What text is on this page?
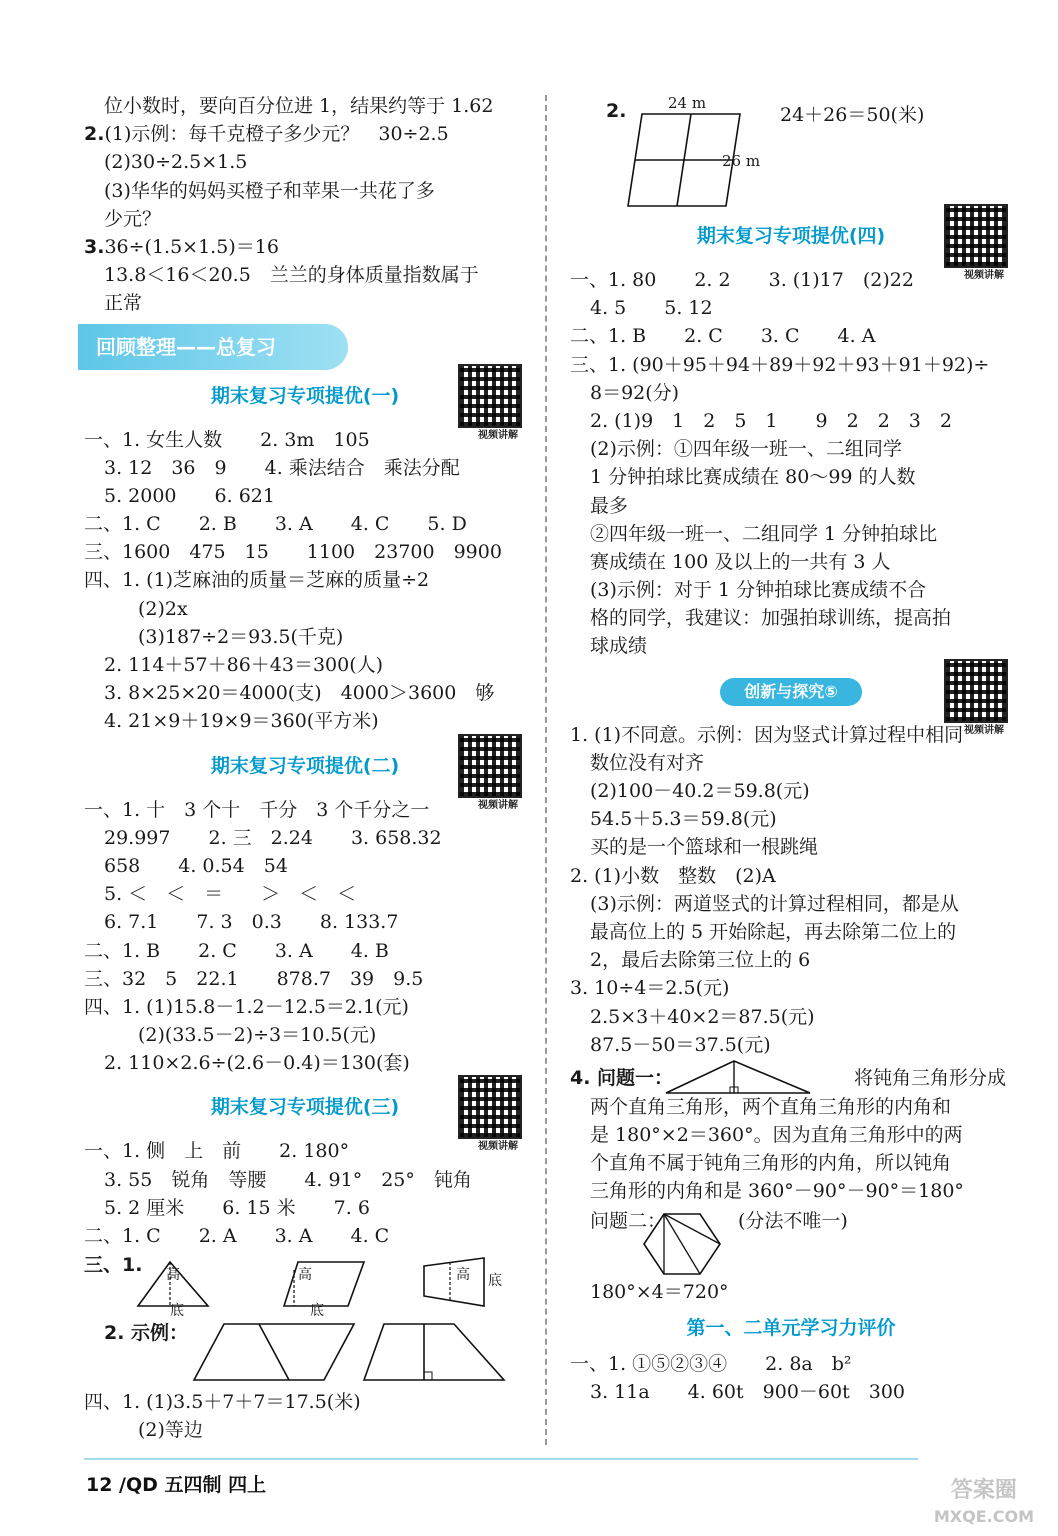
位小数时，要向百分位进 1，结果约等于 1.62
2.(1)示例：每千克橙子多少元？　30÷2.5
(2)30÷2.5×1.5
(3)华华的妈妈买橙子和苹果一共花了多
少元？
3.36÷(1.5×1.5)＝16
13.8＜16＜20.5　兰兰的身体质量指数属于
正常
回顾整理——总复习
期末复习专项提优(一)
视频讲解
一、1. 女生人数　　2. 3m　105
3. 12　36　9　　4. 乘法结合　乘法分配
5. 2000　　6. 621
二、1. C　　2. B　　3. A　　4. C　　5. D
三、1600　475　15　　1100　23700　9900
四、1. (1)芝麻油的质量＝芝麻的质量÷2
(2)2x
(3)187÷2＝93.5(千克)
2. 114＋57＋86＋43＝300(人)
3. 8×25×20＝4000(支)　4000＞3600　够
4. 21×9＋19×9＝360(平方米)
期末复习专项提优(二)
视频讲解
一、1. 十　3 个十　千分　3 个千分之一
29.997　　2. 三　2.24　　3. 658.32
658　　4. 0.54　54
5. ＜　＜　＝　　＞　＜　＜
6. 7.1　　7. 3　0.3　　8. 133.7
二、1. B　　2. C　　3. A　　4. B
三、32　5　22.1　　878.7　39　9.5
四、1. (1)15.8－1.2－12.5＝2.1(元)
(2)(33.5－2)÷3＝10.5(元)
2. 110×2.6÷(2.6－0.4)＝130(套)
期末复习专项提优(三)
视频讲解
一、1. 侧　上　前　　2. 180°
3. 55　锐角　等腰　　4. 91°　25°　钝角
5. 2 厘米　　6. 15 米　　7. 6
二、1. C　　2. A　　3. A　　4. C
三、1. 高
底
高
底
高 底
2. 示例：
四、1. (1)3.5＋7＋7＝17.5(米)
(2)等边
2.	24 m
26 m
24＋26＝50(米)
期末复习专项提优(四)
视频讲解
一、1. 80　　2. 2　　3. (1)17　(2)22
4. 5　　5. 12
二、1. B　　2. C　　3. C　　4. A
三、1. (90＋95＋94＋89＋92＋93＋91＋92)÷
8＝92(分)
2. (1)9　1　2　5　1　　9　2　2　3　2
(2)示例：①四年级一班一、二组同学
1 分钟拍球比赛成绩在 80～99 的人数
最多
②四年级一班一、二组同学 1 分钟拍球比
赛成绩在 100 及以上的一共有 3 人
(3)示例：对于 1 分钟拍球比赛成绩不合
格的同学，我建议：加强拍球训练，提高拍
球成绩
创新与探究⑤
视频讲解
1. (1)不同意。示例：因为竖式计算过程中相同
数位没有对齐
(2)100－40.2＝59.8(元)
54.5＋5.3＝59.8(元)
买的是一个篮球和一根跳绳
2. (1)小数　整数　(2)A
(3)示例：两道竖式的计算过程相同，都是从
最高位上的 5 开始除起，再去除第二位上的
2，最后去除第三位上的 6
3. 10÷4＝2.5(元)
2.5×3＋40×2＝87.5(元)
87.5－50＝37.5(元)
4. 问题一：	将钝角三角形分成
两个直角三角形，两个直角三角形的内角和
是 180°×2＝360°。因为直角三角形中的两
个直角不属于钝角三角形的内角，所以钝角
三角形的内角和是 360°－90°－90°＝180°
问题二：	(分法不唯一)
180°×4＝720°
第一、二单元学习力评价
一、1. ①⑤②③④　　2. 8a　b²
3. 11a　　4. 60t　900－60t　300
12 /QD 五四制 四上	答案圈
MXQE.COM
